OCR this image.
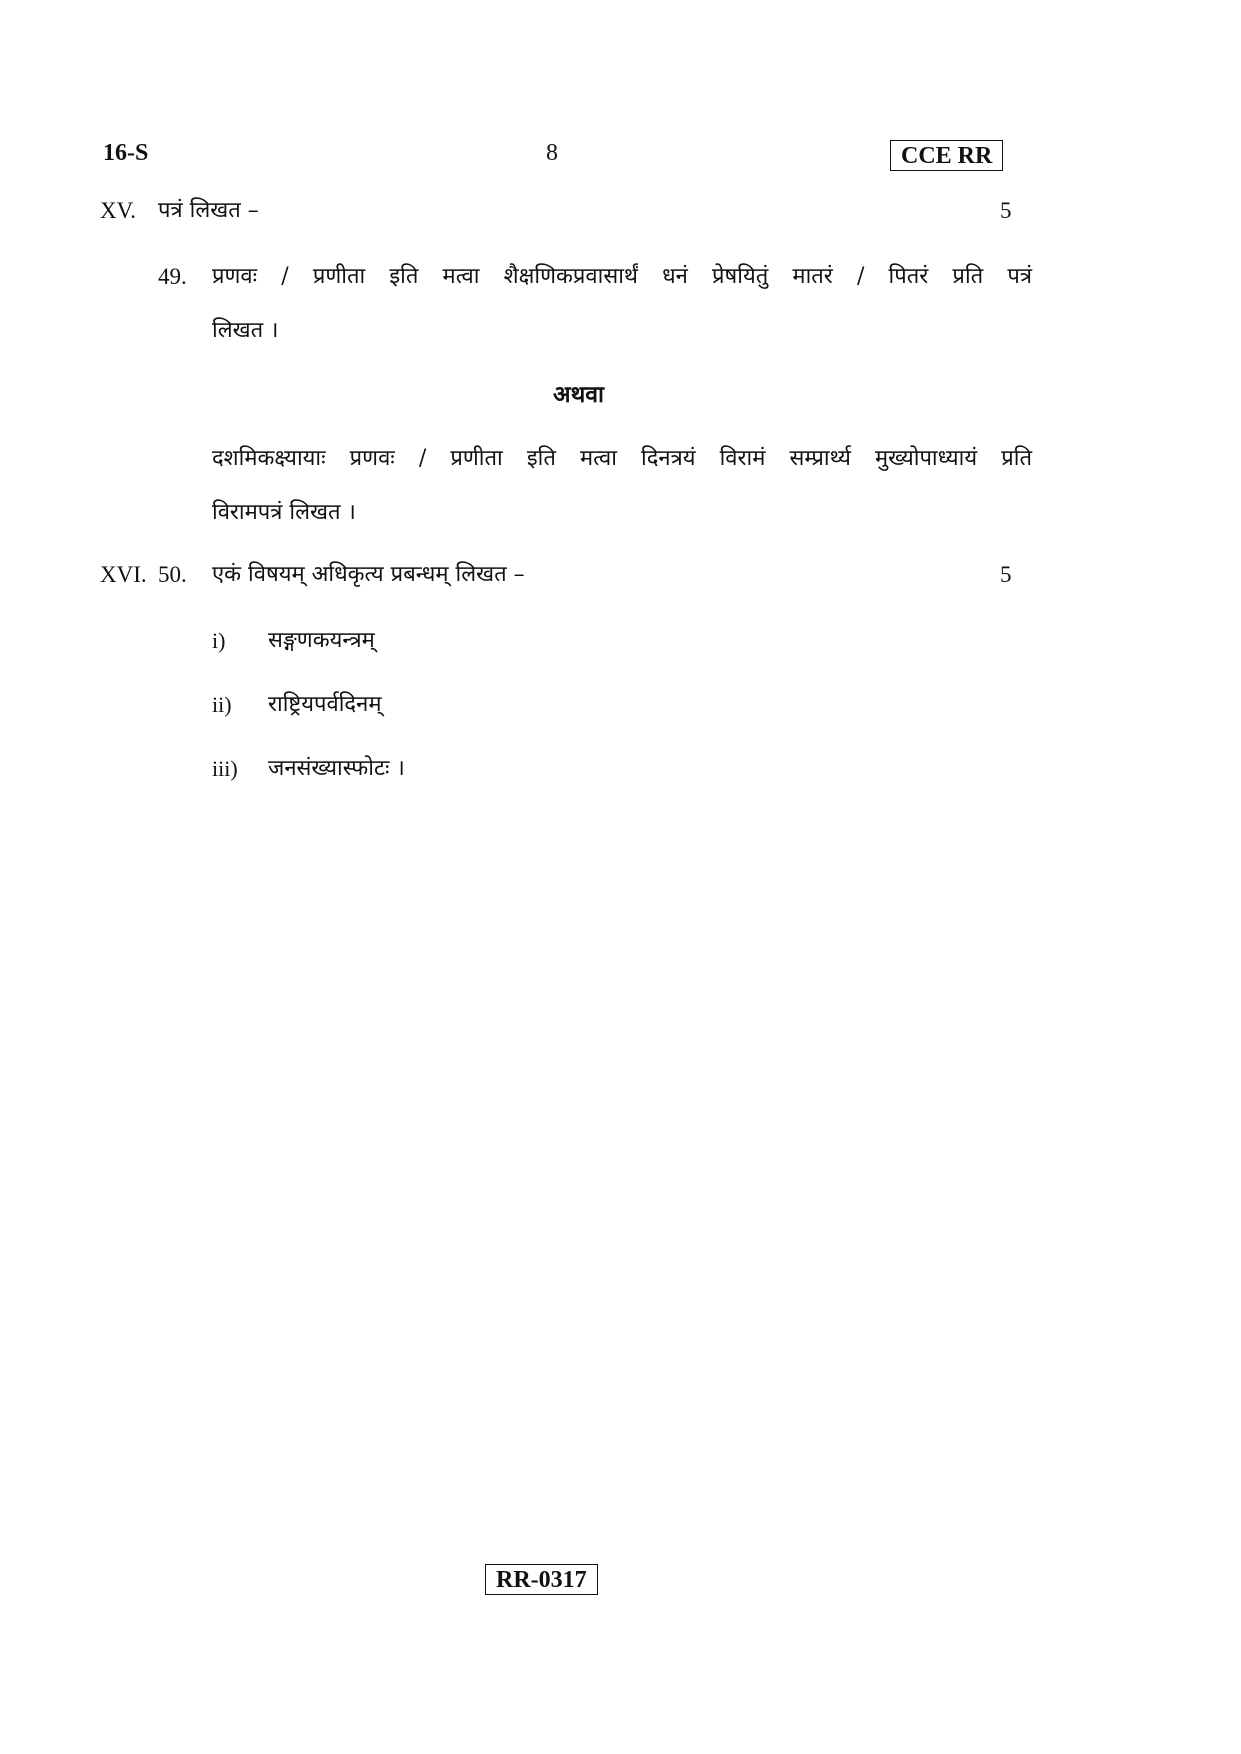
16-S	8	CCE RR
XV. पत्रं लिखत –	5
49. प्रणवः / प्रणीता इति मत्वा शैक्षणिकप्रवासार्थं धनं प्रेषयितुं मातरं / पितरं प्रति पत्रं
लिखत ।
अथवा
दशमिकक्ष्यायाः प्रणवः / प्रणीता इति मत्वा दिनत्रयं विरामं सम्प्रार्थ्य मुख्योपाध्यायं प्रति
विरामपत्रं लिखत ।
XVI. 50. एकं विषयम् अधिकृत्य प्रबन्धम् लिखत –	5
i) सङ्गणकयन्त्रम्
ii) राष्ट्रियपर्वदिनम्
iii) जनसंख्यास्फोटः ।
RR-0317
